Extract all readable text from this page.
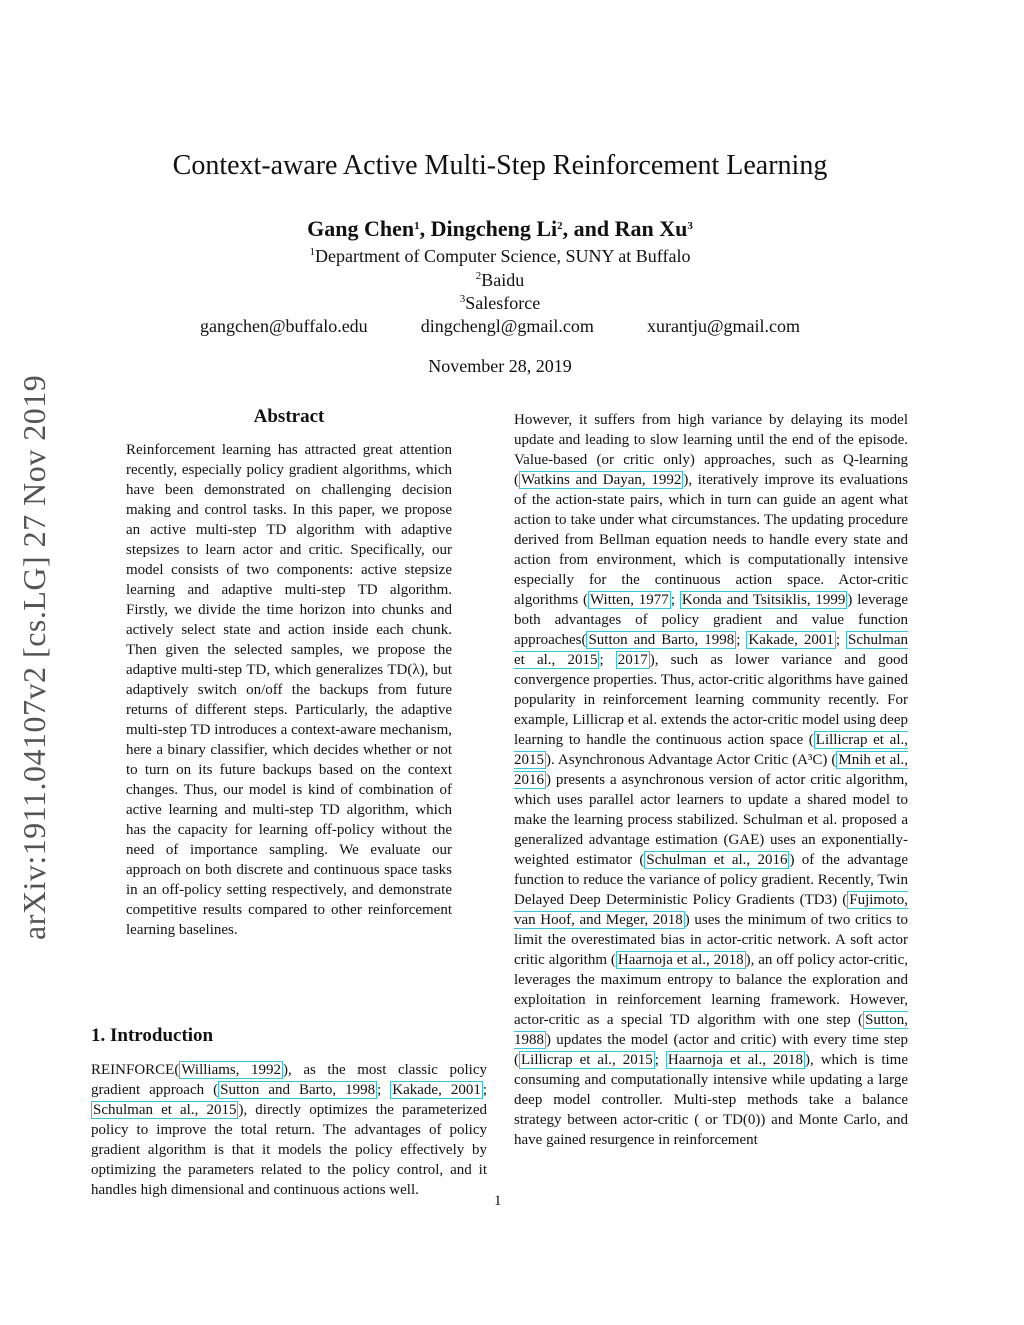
arXiv:1911.04107v2 [cs.LG] 27 Nov 2019
Context-aware Active Multi-Step Reinforcement Learning
Gang Chen$^1$, Dingcheng Li$^2$, and Ran Xu$^3$
$^1$Department of Computer Science, SUNY at Buffalo
$^2$Baidu
$^3$Salesforce
gangchen@buffalo.edu	dingchengl@gmail.com	xurantju@gmail.com
November 28, 2019
Abstract
Reinforcement learning has attracted great attention recently, especially policy gradient algorithms, which have been demonstrated on challenging decision making and control tasks. In this paper, we propose an active multi-step TD algorithm with adaptive stepsizes to learn actor and critic. Specifically, our model consists of two components: active stepsize learning and adaptive multi-step TD algorithm. Firstly, we divide the time horizon into chunks and actively select state and action inside each chunk. Then given the selected samples, we propose the adaptive multi-step TD, which generalizes TD(λ), but adaptively switch on/off the backups from future returns of different steps. Particularly, the adaptive multi-step TD introduces a context-aware mechanism, here a binary classifier, which decides whether or not to turn on its future backups based on the context changes. Thus, our model is kind of combination of active learning and multi-step TD algorithm, which has the capacity for learning off-policy without the need of importance sampling. We evaluate our approach on both discrete and continuous space tasks in an off-policy setting respectively, and demonstrate competitive results compared to other reinforcement learning baselines.
1. Introduction
REINFORCE( Williams, 1992 ), as the most classic policy gradient approach ( Sutton and Barto, 1998 ; Kakade, 2001 ; Schulman et al., 2015 ), directly optimizes the parameterized policy to improve the total return. The advantages of policy gradient algorithm is that it models the policy effectively by optimizing the parameters related to the policy control, and it handles high dimensional and continuous actions well.
However, it suffers from high variance by delaying its model update and leading to slow learning until the end of the episode. Value-based (or critic only) approaches, such as Q-learning ( Watkins and Dayan, 1992 ), iteratively improve its evaluations of the action-state pairs, which in turn can guide an agent what action to take under what circumstances. The updating procedure derived from Bellman equation needs to handle every state and action from environment, which is computationally intensive especially for the continuous action space. Actor-critic algorithms ( Witten, 1977 ; Konda and Tsitsiklis, 1999 ) leverage both advantages of policy gradient and value function approaches( Sutton and Barto, 1998 ; Kakade, 2001 ; Schulman et al., 2015 ; 2017 ), such as lower variance and good convergence properties. Thus, actor-critic algorithms have gained popularity in reinforcement learning community recently. For example, Lillicrap et al. extends the actor-critic model using deep learning to handle the continuous action space ( Lillicrap et al., 2015 ). Asynchronous Advantage Actor Critic (A³C) ( Mnih et al., 2016 ) presents a asynchronous version of actor critic algorithm, which uses parallel actor learners to update a shared model to make the learning process stabilized. Schulman et al. proposed a generalized advantage estimation (GAE) uses an exponentially-weighted estimator ( Schulman et al., 2016 ) of the advantage function to reduce the variance of policy gradient. Recently, Twin Delayed Deep Deterministic Policy Gradients (TD3) ( Fujimoto, van Hoof, and Meger, 2018 ) uses the minimum of two critics to limit the overestimated bias in actor-critic network. A soft actor critic algorithm ( Haarnoja et al., 2018 ), an off policy actor-critic, leverages the maximum entropy to balance the exploration and exploitation in reinforcement learning framework. However, actor-critic as a special TD algorithm with one step ( Sutton, 1988 ) updates the model (actor and critic) with every time step ( Lillicrap et al., 2015 ; Haarnoja et al., 2018 ), which is time consuming and computationally intensive while updating a large deep model controller. Multi-step methods take a balance strategy between actor-critic ( or TD(0)) and Monte Carlo, and have gained resurgence in reinforcement
1
